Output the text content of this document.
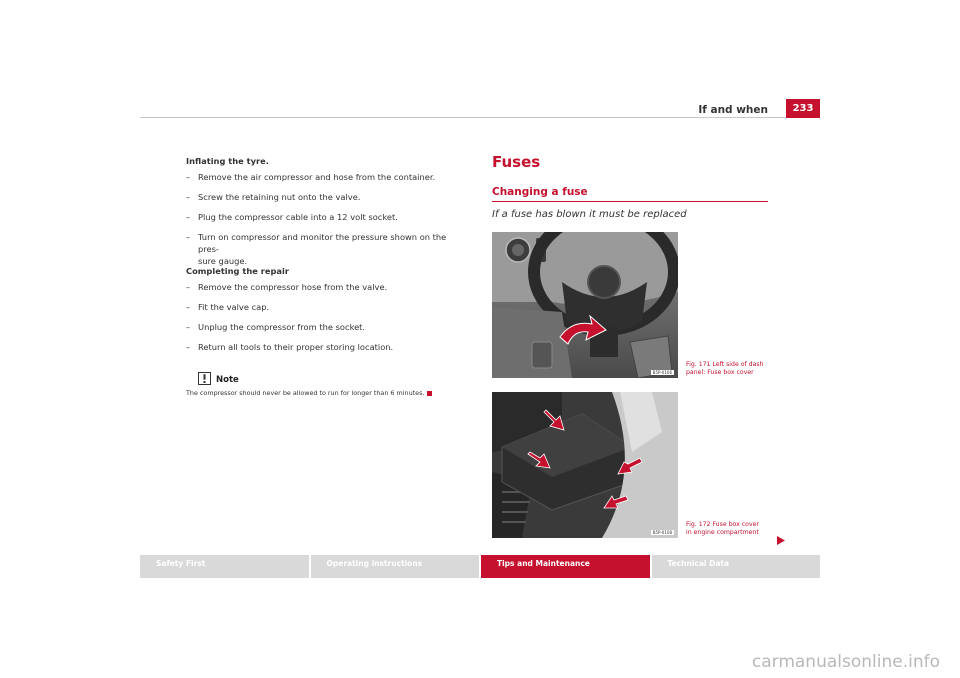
If and when	233
Inflating the tyre.
– Remove the air compressor and hose from the container.
– Screw the retaining nut onto the valve.
– Plug the compressor cable into a 12 volt socket.
– Turn on compressor and monitor the pressure shown on the pres-
sure gauge.
Completing the repair
– Remove the compressor hose from the valve.
– Fit the valve cap.
– Unplug the compressor from the socket.
– Return all tools to their proper storing location.
Note
The compressor should never be allowed to run for longer than 6 minutes.
Fuses
Changing a fuse
If a fuse has blown it must be replaced
B5P-0106
B5P-0108
Fig. 171 Left side of dash
panel: Fuse box cover
Fig. 172 Fuse box cover
in engine compartment
Safety First	Operating instructions	Tips and Maintenance	Technical Data
carmanualsonline.info
